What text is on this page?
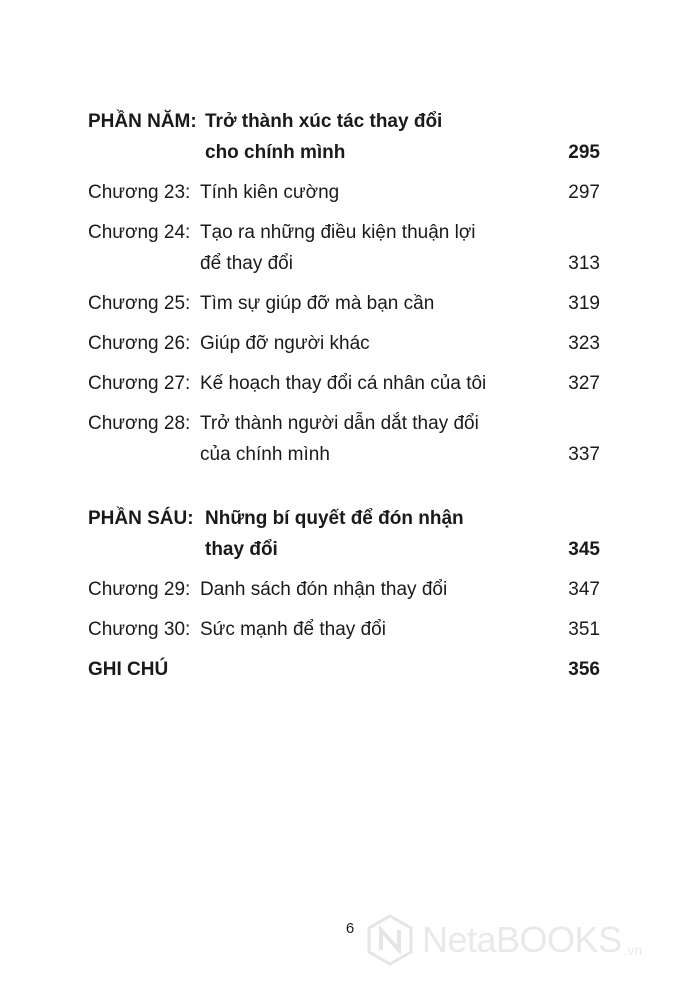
PHẦN NĂM: Trở thành xúc tác thay đổi
cho chính mình	295
Chương 23: Tính kiên cường	297
Chương 24: Tạo ra những điều kiện thuận lợi
để thay đổi	313
Chương 25: Tìm sự giúp đỡ mà bạn cần	319
Chương 26: Giúp đỡ người khác	323
Chương 27: Kế hoạch thay đổi cá nhân của tôi	327
Chương 28: Trở thành người dẫn dắt thay đổi
của chính mình	337
PHẦN SÁU: Những bí quyết để đón nhận
thay đổi	345
Chương 29: Danh sách đón nhận thay đổi	347
Chương 30: Sức mạnh để thay đổi	351
GHI CHÚ	356
6	NetaBOOKS .vn
